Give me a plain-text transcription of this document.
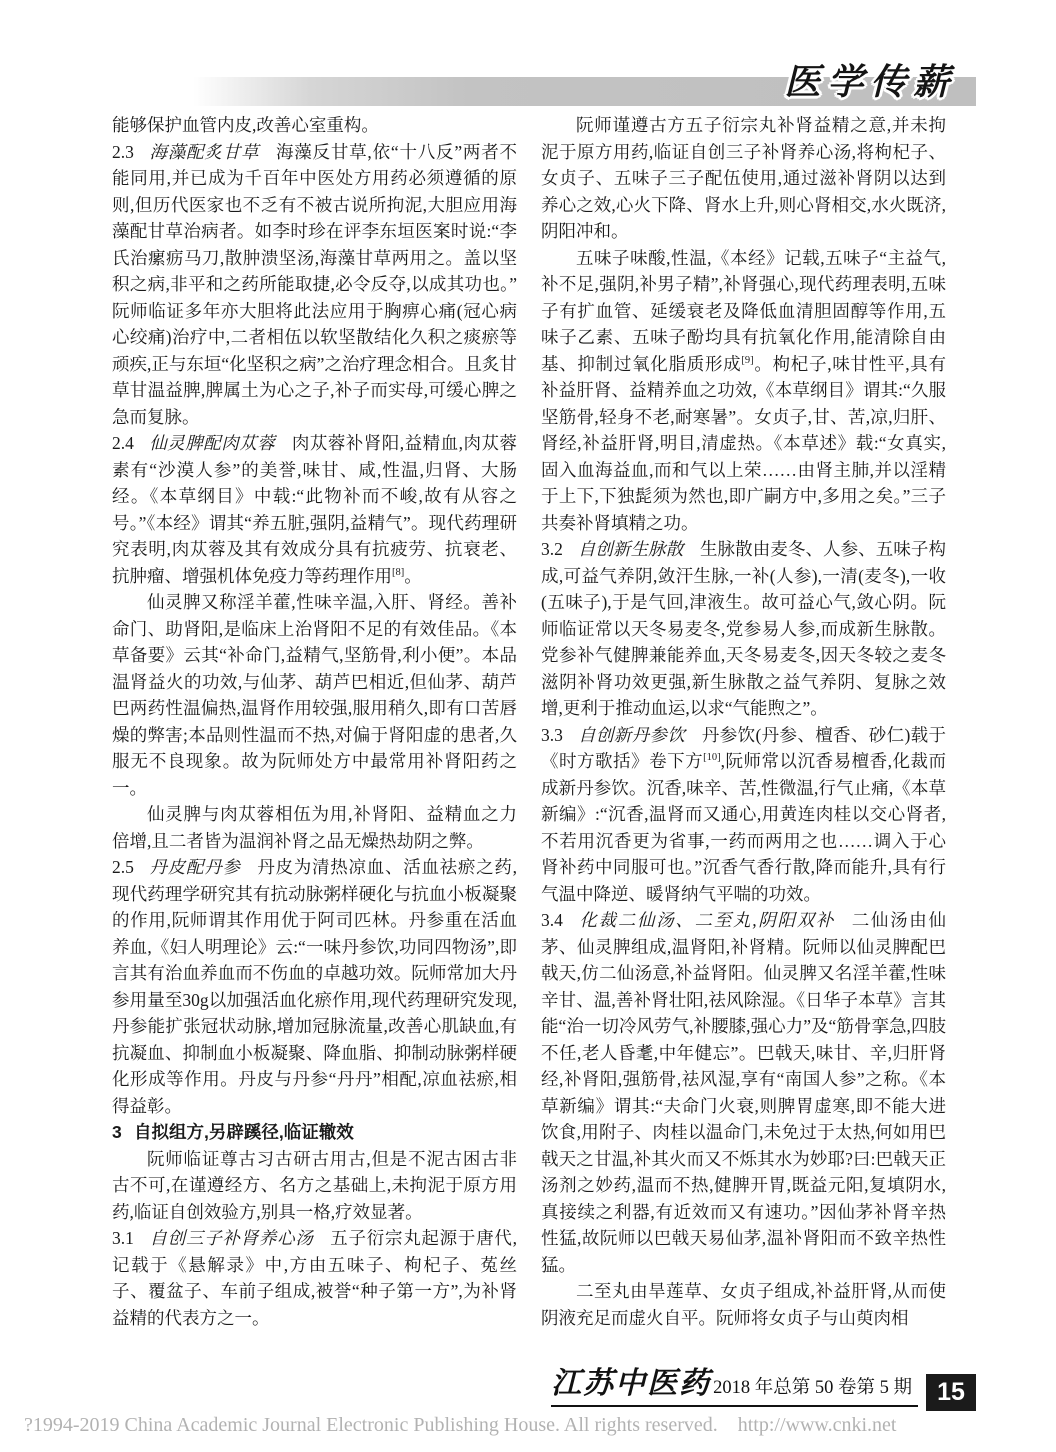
医学传薪

能够保护血管内皮,改善心室重构。

2.3 海藻配炙甘草 海藻反甘草,依“十八反”两者不能同用,并已成为千百年中医处方用药必须遵循的原则,但历代医家也不乏有不被古说所拘泥,大胆应用海藻配甘草治病者。如李时珍在评李东垣医案时说:“李氏治瘰疬马刀,散肿溃坚汤,海藻甘草两用之。盖以坚积之病,非平和之药所能取捷,必令反夺,以成其功也。”阮师临证多年亦大胆将此法应用于胸痹心痛(冠心病心绞痛)治疗中,二者相伍以软坚散结化久积之痰瘀等顽疾,正与东垣“化坚积之病”之治疗理念相合。且炙甘草甘温益脾,脾属土为心之子,补子而实母,可缓心脾之急而复脉。

2.4 仙灵脾配肉苁蓉 肉苁蓉补肾阳,益精血,肉苁蓉素有“沙漠人参”的美誉,味甘、咸,性温,归肾、大肠经。《本草纲目》中载:“此物补而不峻,故有从容之号。”《本经》谓其“养五脏,强阴,益精气”。现代药理研究表明,肉苁蓉及其有效成分具有抗疲劳、抗衰老、抗肿瘤、增强机体免疫力等药理作用[8]。

仙灵脾又称淫羊藿,性味辛温,入肝、肾经。善补命门、助肾阳,是临床上治肾阳不足的有效佳品。《本草备要》云其“补命门,益精气,坚筋骨,利小便”。本品温肾益火的功效,与仙茅、葫芦巴相近,但仙茅、葫芦巴两药性温偏热,温肾作用较强,服用稍久,即有口苦唇燥的弊害;本品则性温而不热,对偏于肾阳虚的患者,久服无不良现象。故为阮师处方中最常用补肾阳药之一。

仙灵脾与肉苁蓉相伍为用,补肾阳、益精血之力倍增,且二者皆为温润补肾之品无燥热劫阴之弊。

2.5 丹皮配丹参 丹皮为清热凉血、活血祛瘀之药,现代药理学研究其有抗动脉粥样硬化与抗血小板凝聚的作用,阮师谓其作用优于阿司匹林。丹参重在活血养血,《妇人明理论》云:“一味丹参饮,功同四物汤”,即言其有治血养血而不伤血的卓越功效。阮师常加大丹参用量至30g以加强活血化瘀作用,现代药理研究发现,丹参能扩张冠状动脉,增加冠脉流量,改善心肌缺血,有抗凝血、抑制血小板凝聚、降血脂、抑制动脉粥样硬化形成等作用。丹皮与丹参“丹丹”相配,凉血祛瘀,相得益彰。

3 自拟组方,另辟蹊径,临证辙效

阮师临证尊古习古研古用古,但是不泥古困古非古不可,在谨遵经方、名方之基础上,未拘泥于原方用药,临证自创效验方,别具一格,疗效显著。

3.1 自创三子补肾养心汤 五子衍宗丸起源于唐代,记载于《悬解录》中,方由五味子、枸杞子、菟丝子、覆盆子、车前子组成,被誉“种子第一方”,为补肾益精的代表方之一。

阮师谨遵古方五子衍宗丸补肾益精之意,并未拘泥于原方用药,临证自创三子补肾养心汤,将枸杞子、女贞子、五味子三子配伍使用,通过滋补肾阴以达到养心之效,心火下降、肾水上升,则心肾相交,水火既济,阴阳冲和。

五味子味酸,性温,《本经》记载,五味子“主益气,补不足,强阴,补男子精”,补肾强心,现代药理表明,五味子有扩血管、延缓衰老及降低血清胆固醇等作用,五味子乙素、五味子酚均具有抗氧化作用,能清除自由基、抑制过氧化脂质形成[9]。枸杞子,味甘性平,具有补益肝肾、益精养血之功效,《本草纲目》谓其:“久服坚筋骨,轻身不老,耐寒暑”。女贞子,甘、苦,凉,归肝、肾经,补益肝肾,明目,清虚热。《本草述》载:“女真实,固入血海益血,而和气以上荣……由肾主肺,并以淫精于上下,下独髭须为然也,即广嗣方中,多用之矣。”三子共奏补肾填精之功。

3.2 自创新生脉散 生脉散由麦冬、人参、五味子构成,可益气养阴,敛汗生脉,一补(人参),一清(麦冬),一收(五味子),于是气回,津液生。故可益心气,敛心阴。阮师临证常以天冬易麦冬,党参易人参,而成新生脉散。党参补气健脾兼能养血,天冬易麦冬,因天冬较之麦冬滋阴补肾功效更强,新生脉散之益气养阴、复脉之效增,更利于推动血运,以求“气能煦之”。

3.3 自创新丹参饮 丹参饮(丹参、檀香、砂仁)载于《时方歌括》卷下方[10],阮师常以沉香易檀香,化裁而成新丹参饮。沉香,味辛、苦,性微温,行气止痛,《本草新编》:“沉香,温肾而又通心,用黄连肉桂以交心肾者,不若用沉香更为省事,一药而两用之也……调入于心肾补药中同服可也。”沉香气香行散,降而能升,具有行气温中降逆、暖肾纳气平喘的功效。

3.4 化裁二仙汤、二至丸,阴阳双补 二仙汤由仙茅、仙灵脾组成,温肾阳,补肾精。阮师以仙灵脾配巴戟天,仿二仙汤意,补益肾阳。仙灵脾又名淫羊藿,性味辛甘、温,善补肾壮阳,祛风除湿。《日华子本草》言其能“治一切冷风劳气,补腰膝,强心力”及“筋骨挛急,四肢不任,老人昏耄,中年健忘”。巴戟天,味甘、辛,归肝肾经,补肾阳,强筋骨,祛风湿,享有“南国人参”之称。《本草新编》谓其:“夫命门火衰,则脾胃虚寒,即不能大进饮食,用附子、肉桂以温命门,未免过于太热,何如用巴戟天之甘温,补其火而又不烁其水为妙耶?曰:巴戟天正汤剂之妙药,温而不热,健脾开胃,既益元阳,复填阴水,真接续之利器,有近效而又有速功。”因仙茅补肾辛热性猛,故阮师以巴戟天易仙茅,温补肾阳而不致辛热性猛。

二至丸由旱莲草、女贞子组成,补益肝肾,从而使阴液充足而虚火自平。阮师将女贞子与山萸肉相

江苏中医药 2018 年总第 50 卷第 5 期	15
?1994-2019 China Academic Journal Electronic Publishing House. All rights reserved.    http://www.cnki.net
